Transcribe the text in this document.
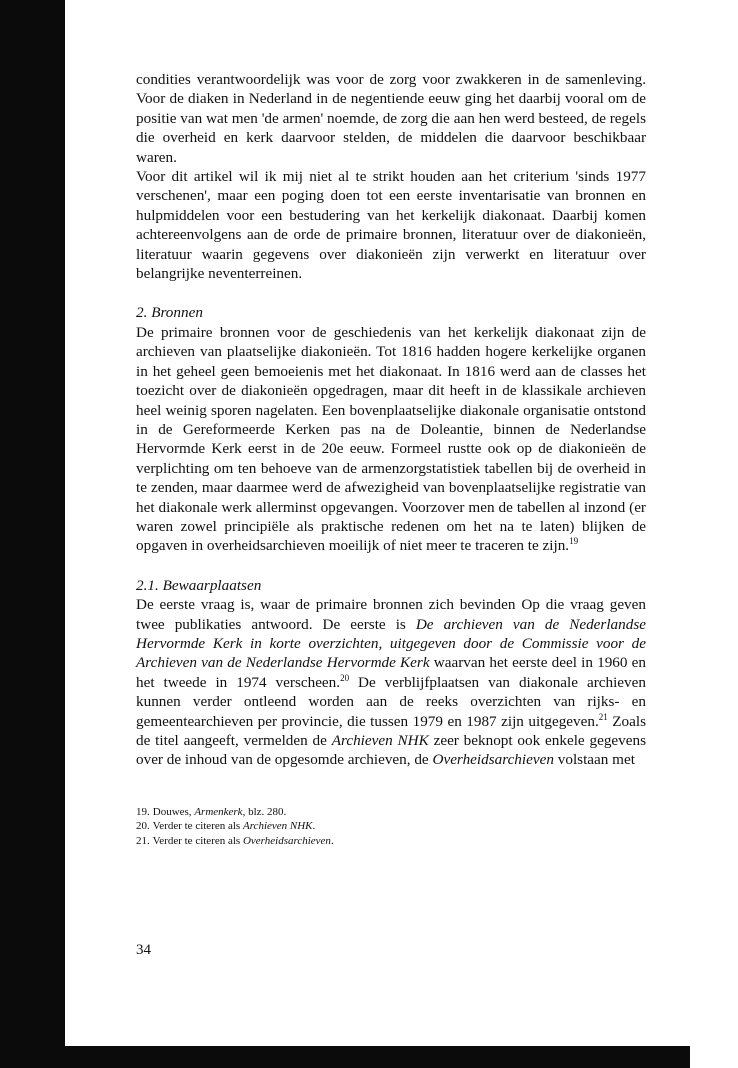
condities verantwoordelijk was voor de zorg voor zwakkeren in de samenleving. Voor de diaken in Nederland in de negentiende eeuw ging het daarbij vooral om de positie van wat men 'de armen' noemde, de zorg die aan hen werd besteed, de regels die overheid en kerk daarvoor stelden, de middelen die daarvoor beschikbaar waren.

Voor dit artikel wil ik mij niet al te strikt houden aan het criterium 'sinds 1977 verschenen', maar een poging doen tot een eerste inventarisatie van bronnen en hulpmiddelen voor een bestudering van het kerkelijk diakonaat. Daarbij komen achtereenvolgens aan de orde de primaire bronnen, literatuur over de diakonieën, literatuur waarin gegevens over diakonieën zijn verwerkt en literatuur over belangrijke neventerreinen.

2. Bronnen

De primaire bronnen voor de geschiedenis van het kerkelijk diakonaat zijn de archieven van plaatselijke diakonieën. Tot 1816 hadden hogere kerkelijke organen in het geheel geen bemoeienis met het diakonaat. In 1816 werd aan de classes het toezicht over de diakonieën opgedragen, maar dit heeft in de klassikale archieven heel weinig sporen nagelaten. Een bovenplaatselijke diakonale organisatie ontstond in de Gereformeerde Kerken pas na de Doleantie, binnen de Nederlandse Hervormde Kerk eerst in de 20e eeuw. Formeel rustte ook op de diakonieën de verplichting om ten behoeve van de armenzorgstatistiek tabellen bij de overheid in te zenden, maar daarmee werd de afwezigheid van bovenplaatselijke registratie van het diakonale werk allerminst opgevangen. Voorzover men de tabellen al inzond (er waren zowel principiële als praktische redenen om het na te laten) blijken de opgaven in overheidsarchieven moeilijk of niet meer te traceren te zijn.$^{19}$

2.1. Bewaarplaatsen

De eerste vraag is, waar de primaire bronnen zich bevinden Op die vraag geven twee publikaties antwoord. De eerste is De archieven van de Nederlandse Hervormde Kerk in korte overzichten, uitgegeven door de Commissie voor de Archieven van de Nederlandse Hervormde Kerk waarvan het eerste deel in 1960 en het tweede in 1974 verscheen.$^{20}$ De verblijfplaatsen van diakonale archieven kunnen verder ontleend worden aan de reeks overzichten van rijks- en gemeentearchieven per provincie, die tussen 1979 en 1987 zijn uitgegeven.$^{21}$ Zoals de titel aangeeft, vermelden de Archieven NHK zeer beknopt ook enkele gegevens over de inhoud van de opgesomde archieven, de Overheidsarchieven volstaan met

19. Douwes, Armenkerk, blz. 280.
20. Verder te citeren als Archieven NHK.
21. Verder te citeren als Overheidsarchieven.
34
